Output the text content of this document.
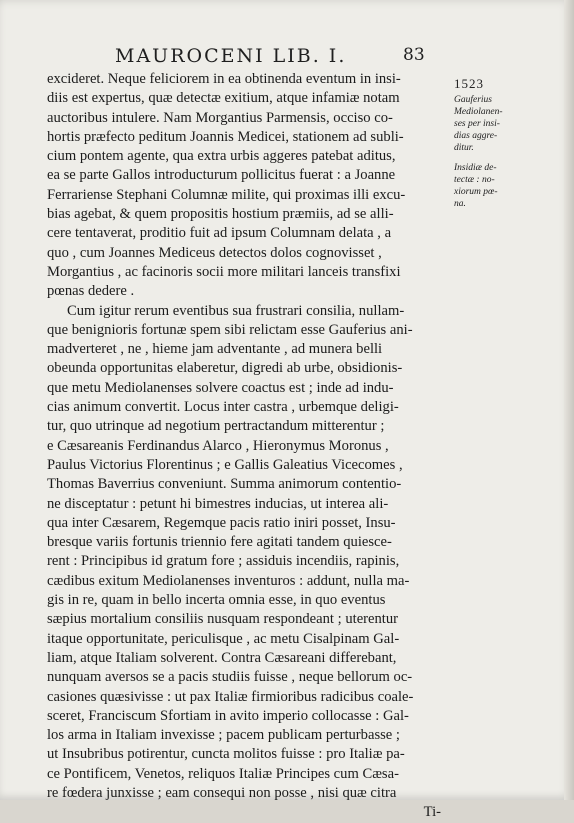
MAUROCENI LIB. I.	83
excideret. Neque feliciorem in ea obtinenda eventum in insi-
diis est expertus, quæ detectæ exitium, atque infamiæ notam
auctoribus intulere. Nam Morgantius Parmensis, occiso co-
hortis præfecto peditum Joannis Medicei, stationem ad subli-
cium pontem agente, qua extra urbis aggeres patebat aditus,
ea se parte Gallos introducturum pollicitus fuerat : a Joanne
Ferrariense Stephani Columnæ milite, qui proximas illi excu-
bias agebat, & quem propositis hostium præmiis, ad se alli-
cere tentaverat, proditio fuit ad ipsum Columnam delata , a
quo , cum Joannes Mediceus detectos dolos cognovisset ,
Morgantius , ac facinoris socii more militari lanceis transfixi
pœnas dedere .
Cum igitur rerum eventibus sua frustrari consilia, nullam-
que benignioris fortunæ spem sibi relictam esse Gauferius ani-
madverteret , ne , hieme jam adventante , ad munera belli
obeunda opportunitas elaberetur, digredi ab urbe, obsidionis-
que metu Mediolanenses solvere coactus est ; inde ad indu-
cias animum convertit. Locus inter castra , urbemque deligi-
tur, quo utrinque ad negotium pertractandum mitterentur ;
e Cæsareanis Ferdinandus Alarco , Hieronymus Moronus ,
Paulus Victorius Florentinus ; e Gallis Galeatius Vicecomes ,
Thomas Baverrius conveniunt. Summa animorum contentio-
ne disceptatur : petunt hi bimestres inducias, ut interea ali-
qua inter Cæsarem, Regemque pacis ratio iniri posset, Insu-
bresque variis fortunis triennio fere agitati tandem quiesce-
rent : Principibus id gratum fore ; assiduis incendiis, rapinis,
cædibus exitum Mediolanenses inventuros : addunt, nulla ma-
gis in re, quam in bello incerta omnia esse, in quo eventus
sæpius mortalium consiliis nusquam respondeant ; uterentur
itaque opportunitate, periculisque , ac metu Cisalpinam Gal-
liam, atque Italiam solverent. Contra Cæsareani differebant,
nunquam aversos se a pacis studiis fuisse , neque bellorum oc-
casiones quæsivisse : ut pax Italiæ firmioribus radicibus coale-
sceret, Franciscum Sfortiam in avito imperio collocasse : Gal-
los arma in Italiam invexisse ; pacem publicam perturbasse ;
ut Insubribus potirentur, cuncta molitos fuisse : pro Italiæ pa-
ce Pontificem, Venetos, reliquos Italiæ Principes cum Cæsa-
re fœdera junxisse ; eam consequi non posse , nisi quæ citra
Ti-
1523
Gauferius
Mediolanen-
ses per insi-
dias aggre-
ditur.
Insidiæ de-
tectæ : no-
xiorum pœ-
na.
